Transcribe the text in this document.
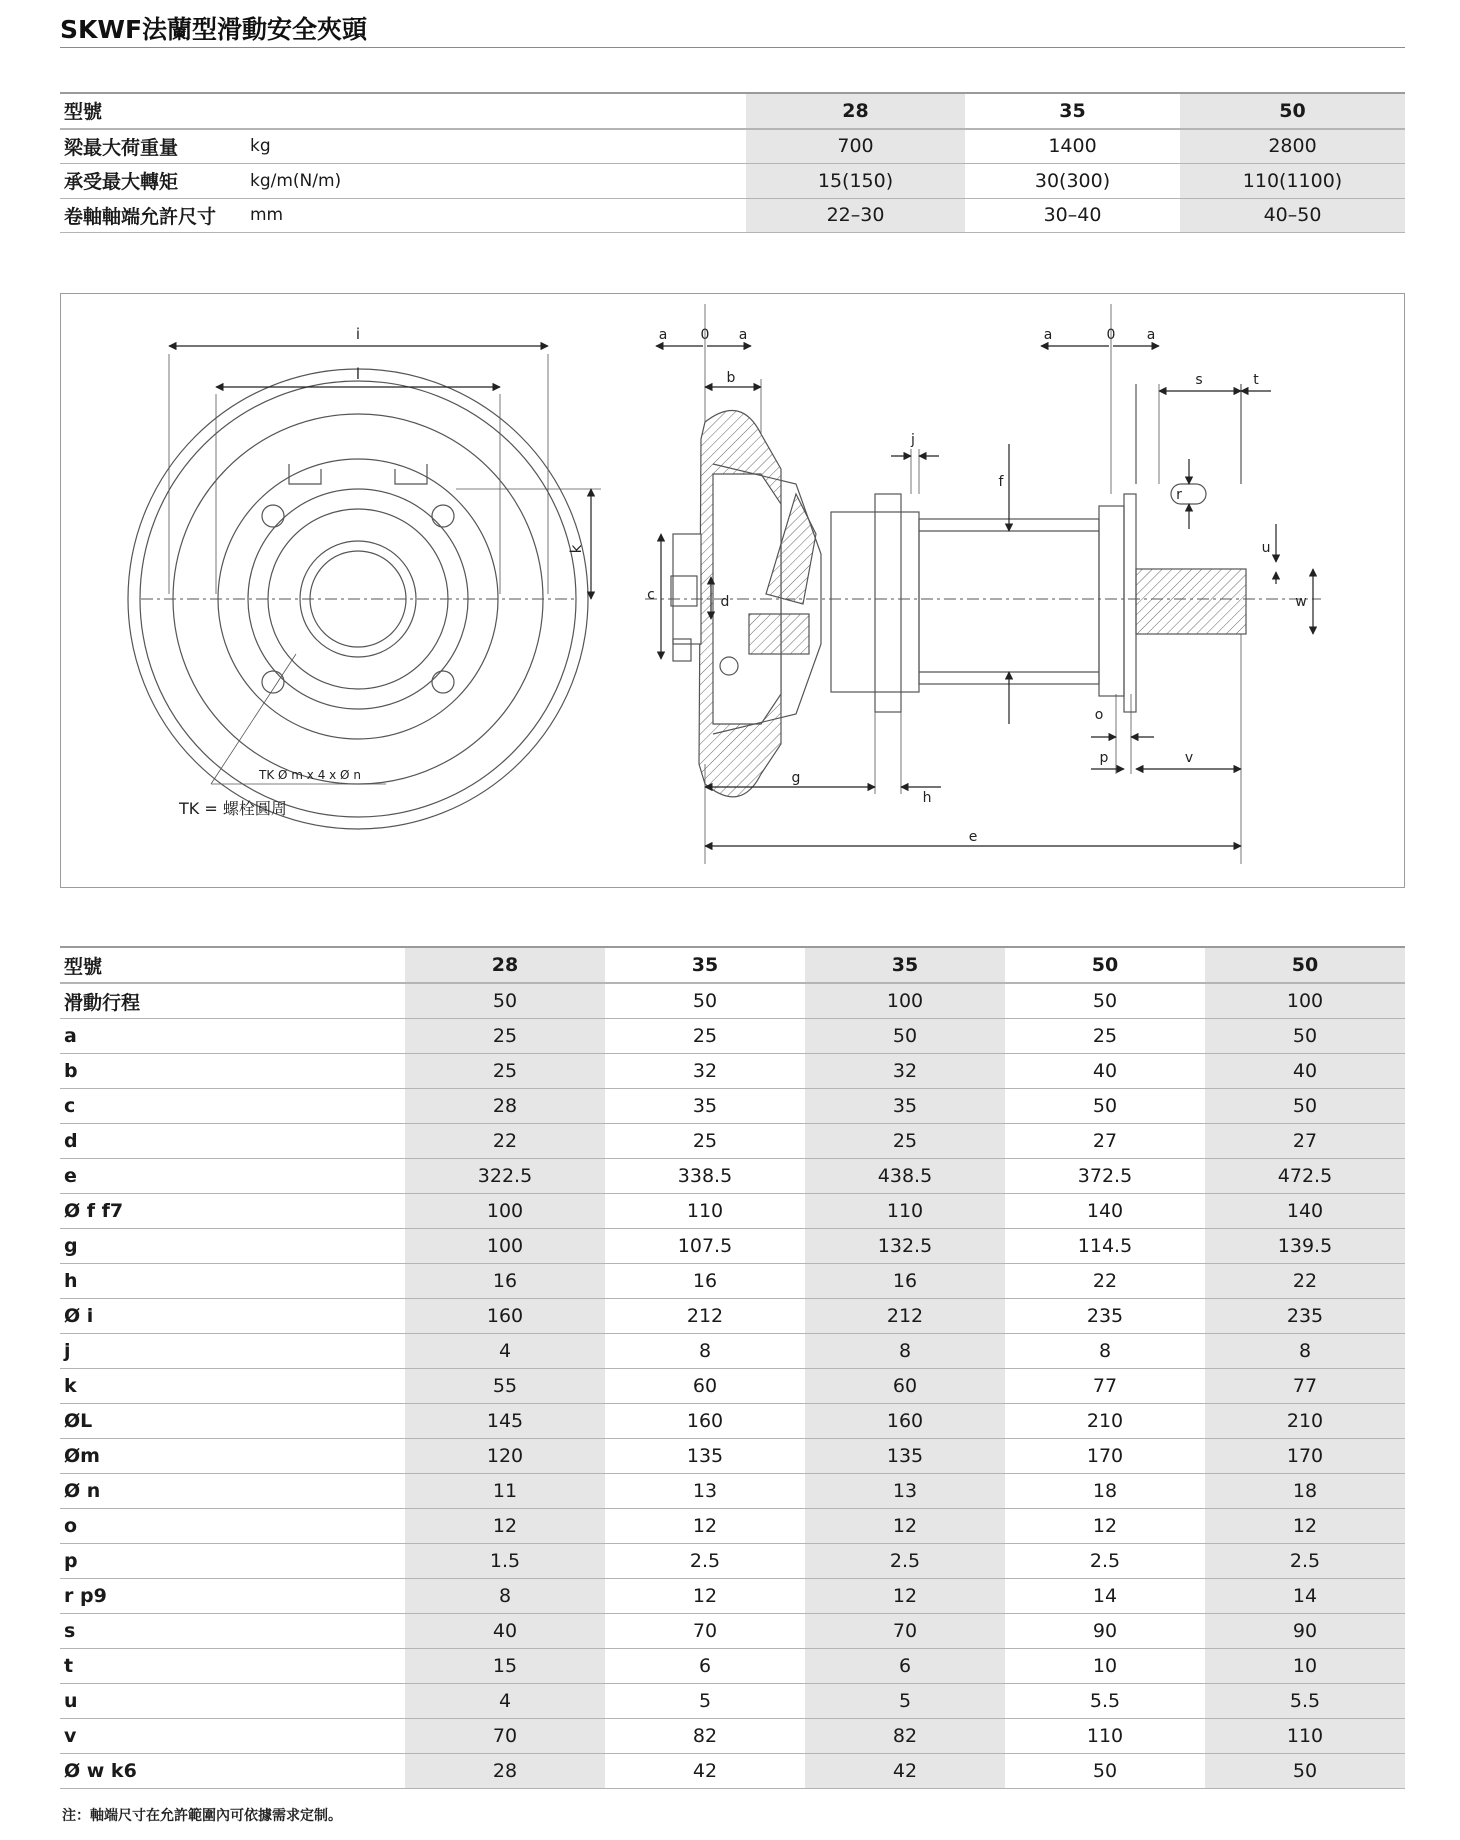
SKWF法蘭型滑動安全夾頭
型號			28	35	50
梁最大荷重量	kg		700	1400	2800
承受最大轉矩	kg/m(N/m)		15(150)	30(300)	110(1100)
卷軸軸端允許尺寸	mm		22–30	30–40	40–50
i
l
k
TK Ø m x 4 x Ø n
TK = 螺栓圓周
a 0 a
b
c	d
j
f
g
h
e
a	0 a
s	t
r
u
w
o
p	v
型號	28	35	35	50	50
滑動行程	50	50	100	50	100
a	25	25	50	25	50
b	25	32	32	40	40
c	28	35	35	50	50
d	22	25	25	27	27
e	322.5	338.5	438.5	372.5	472.5
Ø f f7	100	110	110	140	140
g	100	107.5	132.5	114.5	139.5
h	16	16	16	22	22
Ø i	160	212	212	235	235
j	4	8	8	8	8
k	55	60	60	77	77
ØL	145	160	160	210	210
Øm	120	135	135	170	170
Ø n	11	13	13	18	18
o	12	12	12	12	12
p	1.5	2.5	2.5	2.5	2.5
r p9	8	12	12	14	14
s	40	70	70	90	90
t	15	6	6	10	10
u	4	5	5	5.5	5.5
v	70	82	82	110	110
Ø w k6	28	42	42	50	50
注：軸端尺寸在允許範圍內可依據需求定制。
